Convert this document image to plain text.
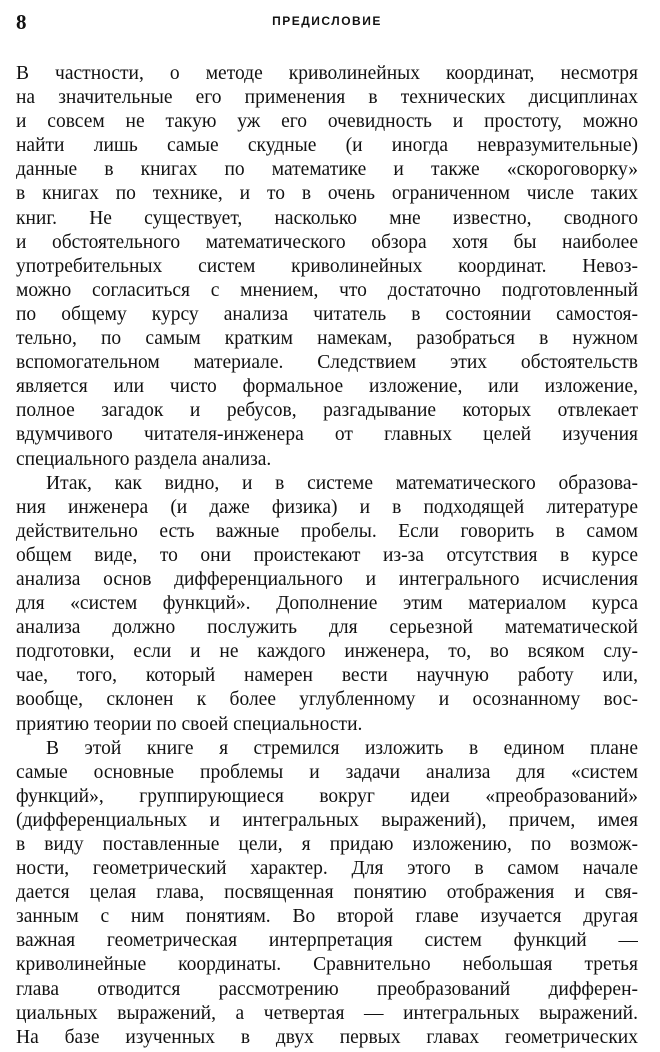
8	ПРЕДИСЛОВИЕ
В частности, о методе криволинейных координат, несмотря
на значительные его применения в технических дисциплинах
и совсем не такую уж его очевидность и простоту, можно
найти лишь самые скудные (и иногда невразумительные)
данные в книгах по математике и также «скороговорку»
в книгах по технике, и то в очень ограниченном числе таких
книг. Не существует, насколько мне известно, сводного
и обстоятельного математического обзора хотя бы наиболее
употребительных систем криволинейных координат. Невоз-
можно согласиться с мнением, что достаточно подготовленный
по общему курсу анализа читатель в состоянии самостоя-
тельно, по самым кратким намекам, разобраться в нужном
вспомогательном материале. Следствием этих обстоятельств
является или чисто формальное изложение, или изложение,
полное загадок и ребусов, разгадывание которых отвлекает
вдумчивого читателя-инженера от главных целей изучения
специального раздела анализа.
Итак, как видно, и в системе математического образова-
ния инженера (и даже физика) и в подходящей литературе
действительно есть важные пробелы. Если говорить в самом
общем виде, то они проистекают из-за отсутствия в курсе
анализа основ дифференциального и интегрального исчисления
для «систем функций». Дополнение этим материалом курса
анализа должно послужить для серьезной математической
подготовки, если и не каждого инженера, то, во всяком слу-
чае, того, который намерен вести научную работу или,
вообще, склонен к более углубленному и осознанному вос-
приятию теории по своей специальности.
В этой книге я стремился изложить в едином плане
самые основные проблемы и задачи анализа для «систем
функций», группирующиеся вокруг идеи «преобразований»
(дифференциальных и интегральных выражений), причем, имея
в виду поставленные цели, я придаю изложению, по возмож-
ности, геометрический характер. Для этого в самом начале
дается целая глава, посвященная понятию отображения и свя-
занным с ним понятиям. Во второй главе изучается другая
важная геометрическая интерпретация систем функций —
криволинейные координаты. Сравнительно небольшая третья
глава отводится рассмотрению преобразований дифферен-
циальных выражений, а четвертая — интегральных выражений.
На базе изученных в двух первых главах геометрических
